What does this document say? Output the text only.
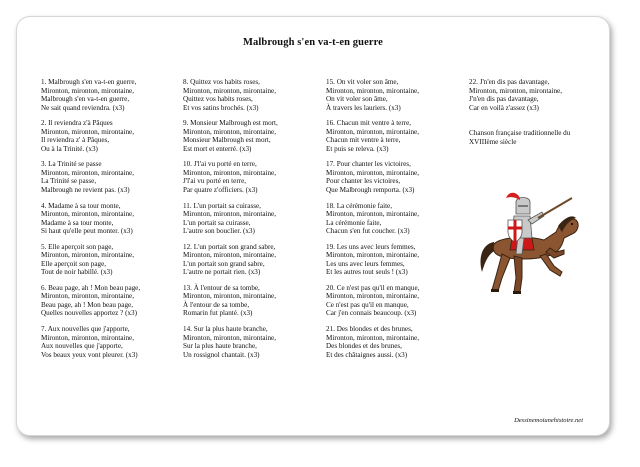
Malbrough s'en va-t-en guerre
1. Malbrough s'en va-t-en guerre,
Mironton, mironton, mirontaine,
Malbrough s'en va-t-en guerre,
Ne sait quand reviendra. (x3)
2. Il reviendra z'à Pâques
Mironton, mironton, mirontaine,
Il reviendra z' à Pâques,
Ou à la Trinité. (x3)
3. La Trinité se passe
Mironton, mironton, mirontaine,
La Trinité se passe,
Malbrough ne revient pas. (x3)
4. Madame à sa tour monte,
Mironton, mironton, mirontaine,
Madame à sa tour monte,
Si haut qu'elle peut monter. (x3)
5. Elle aperçoit son page,
Mironton, mironton, mirontaine,
Elle aperçoit son page,
Tout de noir habillé. (x3)
6. Beau page, ah ! Mon beau page,
Mironton, mironton, mirontaine,
Beau page, ah ! Mon beau page,
Quelles nouvelles apportez ? (x3)
7. Aux nouvelles que j'apporte,
Mironton, mironton, mirontaine,
Aux nouvelles que j'apporte,
Vos beaux yeux vont pleurer. (x3)
8. Quittez vos habits roses,
Mironton, mironton, mirontaine,
Quittez vos habits roses,
Et vos satins brochés. (x3)
9. Monsieur Malbrough est mort,
Mironton, mironton, mirontaine,
Monsieur Malbrough est mort,
Est mort et enterré. (x3)
10. J'l'ai vu porté en terre,
Mironton, mironton, mirontaine,
J'l'ai vu porté en terre,
Par quatre z'officiers. (x3)
11. L'un portait sa cuirasse,
Mironton, mironton, mirontaine,
L'un portait sa cuirasse,
L'autre son bouclier. (x3)
12. L'un portait son grand sabre,
Mironton, mironton, mirontaine,
L'un portait son grand sabre,
L'autre ne portait rien. (x3)
13. À l'entour de sa tombe,
Mironton, mironton, mirontaine,
À l'entour de sa tombe,
Romarin fut planté. (x3)
14. Sur la plus haute branche,
Mironton, mironton, mirontaine,
Sur la plus haute branche,
Un rossignol chantait. (x3)
15. On vit voler son âme,
Mironton, mironton, mirontaine,
On vit voler son âme,
À travers les lauriers. (x3)
16. Chacun mit ventre à terre,
Mironton, mironton, mirontaine,
Chacun mit ventre à terre,
Et puis se releva. (x3)
17. Pour chanter les victoires,
Mironton, mironton, mirontaine,
Pour chanter les victoires,
Que Malbrough remporta. (x3)
18. La cérémonie faite,
Mironton, mironton, mirontaine,
La cérémonie faite,
Chacun s'en fut coucher. (x3)
19. Les uns avec leurs femmes,
Mironton, mironton, mirontaine,
Les uns avec leurs femmes,
Et les autres tout seuls ! (x3)
20. Ce n'est pas qu'il en manque,
Mironton, mironton, mirontaine,
Ce n'est pas qu'il en manque,
Car j'en connais beaucoup. (x3)
21. Des blondes et des brunes,
Mironton, mironton, mirontaine,
Des blondes et des brunes,
Et des châtaignes aussi. (x3)
22. J'n'en dis pas davantage,
Mironton, mironton, mirontaine,
J'n'en dis pas davantage,
Car en voilà z'assez (x3)
Chanson française traditionnelle du
XVIIIème siècle
Dessinemoiunehistoire.net
